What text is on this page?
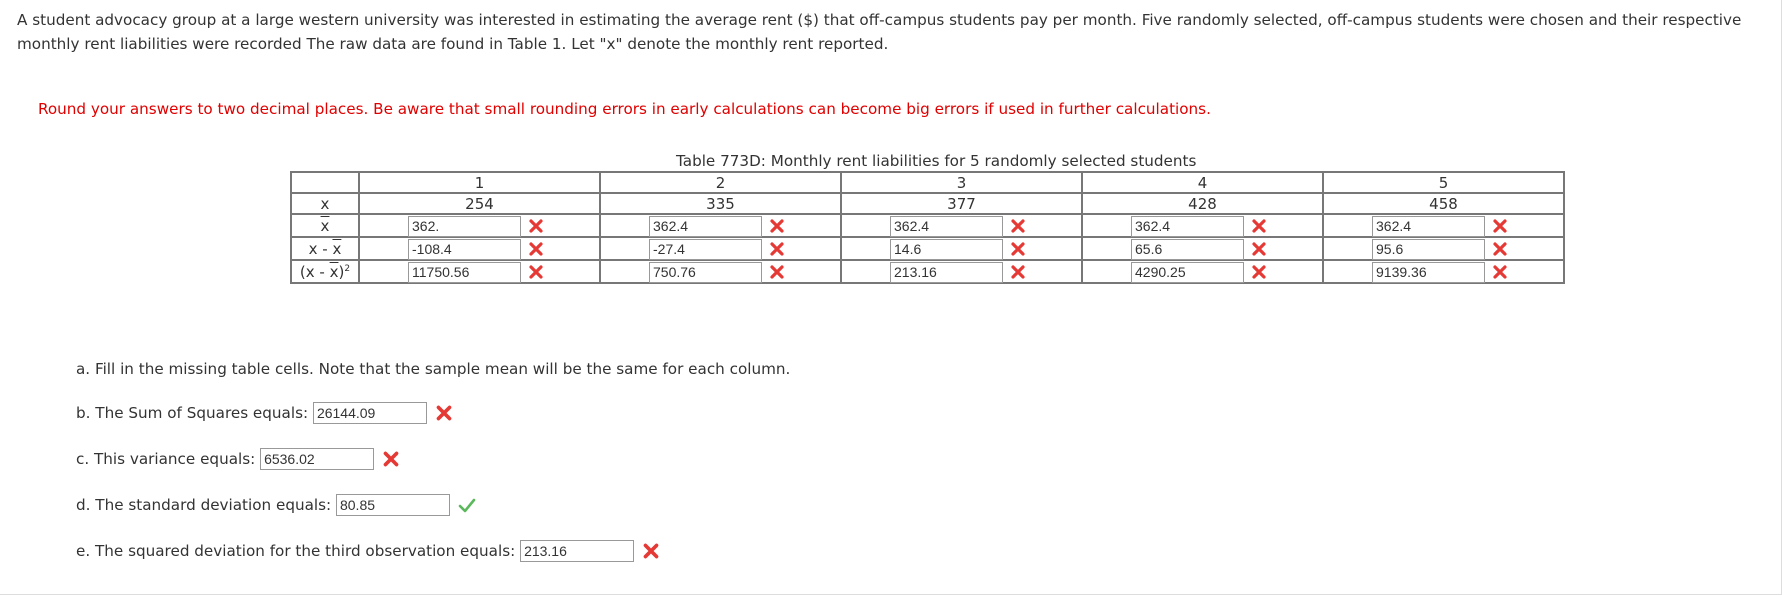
A student advocacy group at a large western university was interested in estimating the average rent ($) that off-campus students pay per month. Five randomly selected, off-campus students were chosen and their respective monthly rent liabilities were recorded The raw data are found in Table 1. Let "x" denote the monthly rent reported.
Round your answers to two decimal places. Be aware that small rounding errors in early calculations can become big errors if used in further calculations.
Table 773D: Monthly rent liabilities for 5 randomly selected students
	1	2	3	4	5
x	254	335	377	428	458
$\overline{x}$	362.	362.4	362.4	362.4	362.4

x - $\overline{x}$	-108.4	-27.4	14.6	65.6	95.6

$(x - \overline{x})^2$	11750.56	750.76	213.16	4290.25	9139.36
a. Fill in the missing table cells. Note that the sample mean will be the same for each column.
b. The Sum of Squares equals: 26144.09
c. This variance equals: 6536.02
d. The standard deviation equals: 80.85
e. The squared deviation for the third observation equals: 213.16
